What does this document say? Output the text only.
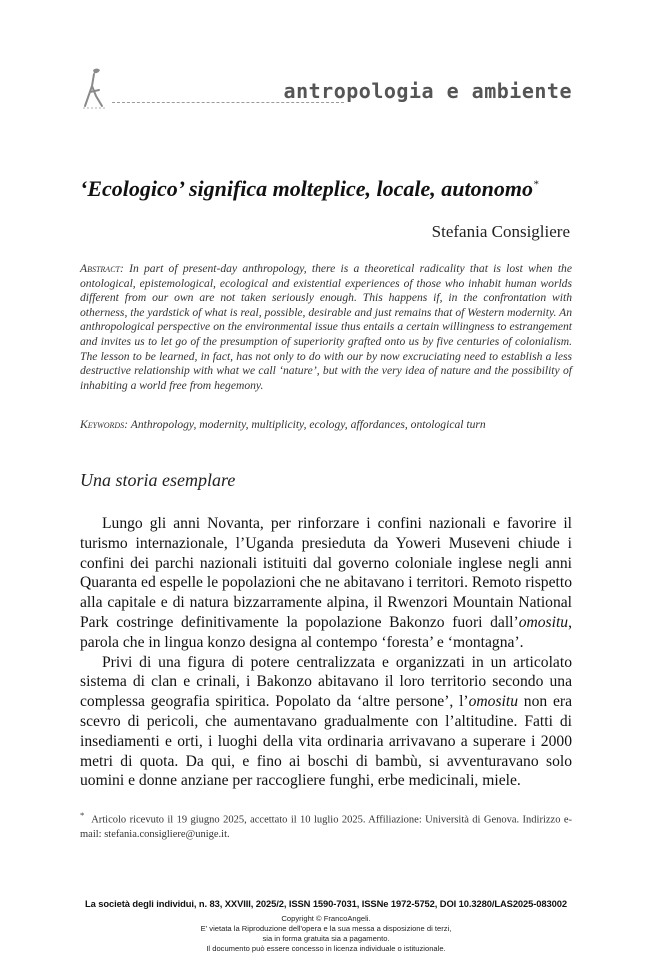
antropologia e ambiente
‘Ecologico’ significa molteplice, locale, autonomo*
Stefania Consigliere

Abstract: In part of present-day anthropology, there is a theoretical radicality that is lost when the ontological, epistemological, ecological and existential experiences of those who inhabit human worlds different from our own are not taken seriously enough. This happens if, in the confrontation with otherness, the yardstick of what is real, possible, desirable and just remains that of Western modernity. An anthropological perspective on the environmental issue thus entails a certain willingness to estrangement and invites us to let go of the presumption of superiority grafted onto us by five centuries of colonialism. The lesson to be learned, in fact, has not only to do with our by now excruciating need to establish a less destructive relationship with what we call ‘nature’, but with the very idea of nature and the possibility of inhabiting a world free from hegemony.

Keywords: Anthropology, modernity, multiplicity, ecology, affordances, ontological turn

Una storia esemplare

Lungo gli anni Novanta, per rinforzare i confini nazionali e favorire il turismo internazionale, l’Uganda presieduta da Yoweri Museveni chiude i confini dei parchi nazionali istituiti dal governo coloniale inglese negli anni Quaranta ed espelle le popolazioni che ne abitavano i territori. Remoto rispetto alla capitale e di natura bizzarramente alpina, il Rwenzori Mountain National Park costringe definitivamente la popolazione Bakonzo fuori dall’omositu, parola che in lingua konzo designa al contempo ‘foresta’ e ‘montagna’.

Privi di una figura di potere centralizzata e organizzati in un articolato sistema di clan e crinali, i Bakonzo abitavano il loro territorio secondo una complessa geografia spiritica. Popolato da ‘altre persone’, l’omositu non era scevro di pericoli, che aumentavano gradualmente con l’altitudine. Fatti di insediamenti e orti, i luoghi della vita ordinaria arrivavano a superare i 2000 metri di quota. Da qui, e fino ai boschi di bambù, si avventuravano solo uomini e donne anziane per raccogliere funghi, erbe medicinali, miele.

* Articolo ricevuto il 19 giugno 2025, accettato il 10 luglio 2025. Affiliazione: Università di Genova. Indirizzo e-mail: stefania.consigliere@unige.it.

La società degli individui, n. 83, XXVIII, 2025/2, ISSN 1590-7031, ISSNe 1972-5752, DOI 10.3280/LAS2025-083002
Copyright © FrancoAngeli.
E' vietata la Riproduzione dell'opera e la sua messa a disposizione di terzi,
sia in forma gratuita sia a pagamento.
Il documento può essere concesso in licenza individuale o istituzionale.
